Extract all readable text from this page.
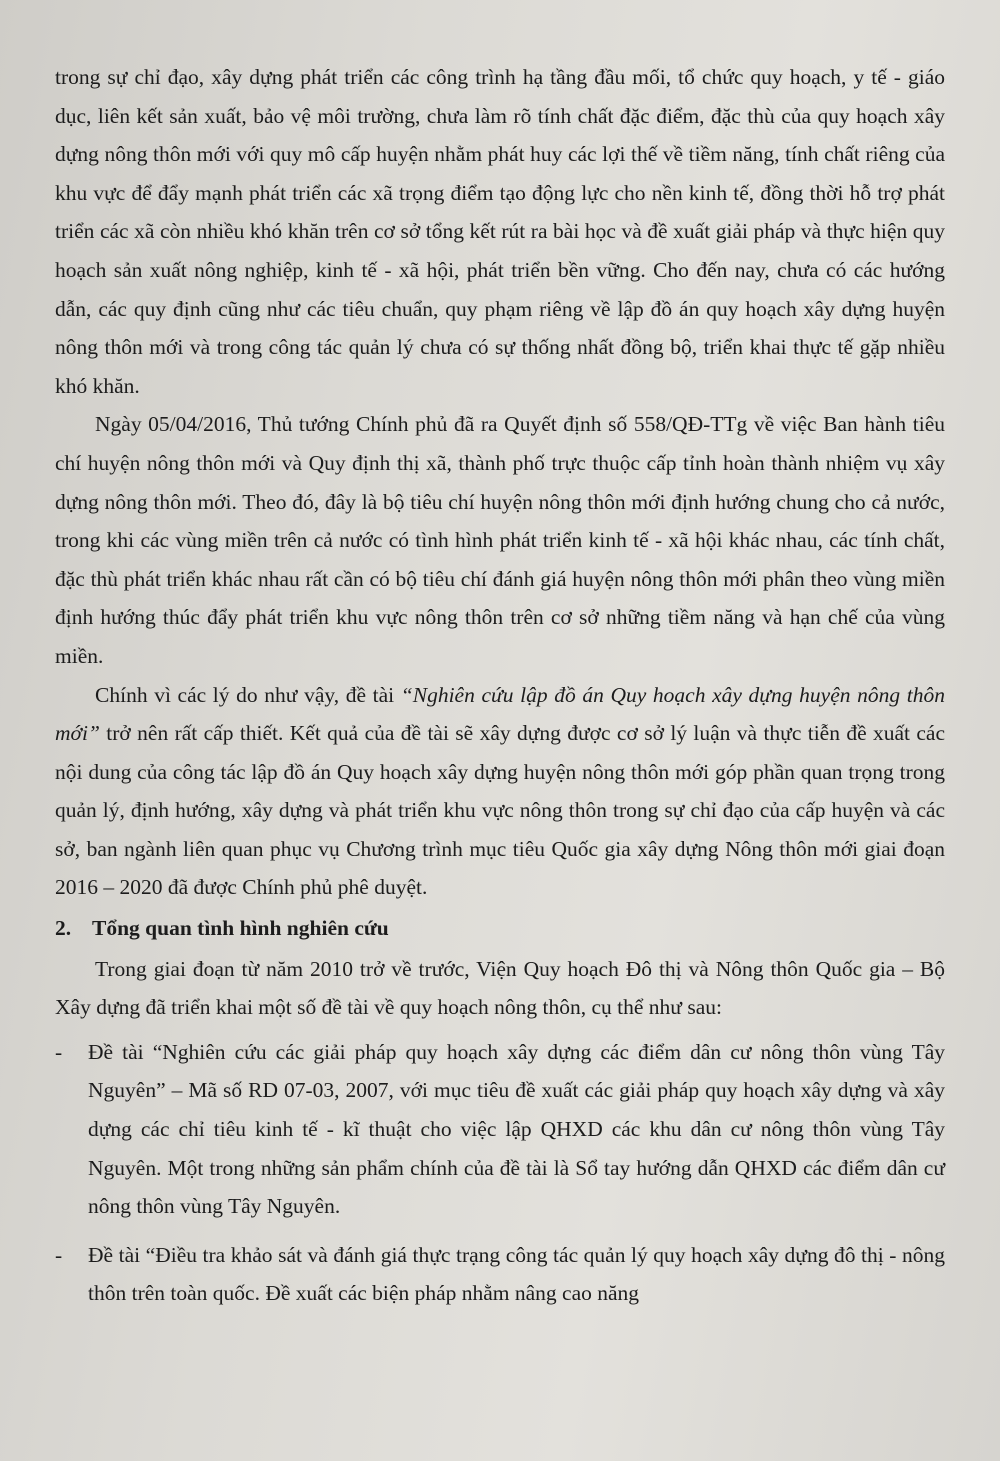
trong sự chỉ đạo, xây dựng phát triển các công trình hạ tầng đầu mối, tổ chức quy hoạch, y tế - giáo dục, liên kết sản xuất, bảo vệ môi trường, chưa làm rõ tính chất đặc điểm, đặc thù của quy hoạch xây dựng nông thôn mới với quy mô cấp huyện nhằm phát huy các lợi thế về tiềm năng, tính chất riêng của khu vực để đẩy mạnh phát triển các xã trọng điểm tạo động lực cho nền kinh tế, đồng thời hỗ trợ phát triển các xã còn nhiều khó khăn trên cơ sở tổng kết rút ra bài học và đề xuất giải pháp và thực hiện quy hoạch sản xuất nông nghiệp, kinh tế - xã hội, phát triển bền vững. Cho đến nay, chưa có các hướng dẫn, các quy định cũng như các tiêu chuẩn, quy phạm riêng về lập đồ án quy hoạch xây dựng huyện nông thôn mới và trong công tác quản lý chưa có sự thống nhất đồng bộ, triển khai thực tế gặp nhiều khó khăn.

Ngày 05/04/2016, Thủ tướng Chính phủ đã ra Quyết định số 558/QĐ-TTg về việc Ban hành tiêu chí huyện nông thôn mới và Quy định thị xã, thành phố trực thuộc cấp tỉnh hoàn thành nhiệm vụ xây dựng nông thôn mới. Theo đó, đây là bộ tiêu chí huyện nông thôn mới định hướng chung cho cả nước, trong khi các vùng miền trên cả nước có tình hình phát triển kinh tế - xã hội khác nhau, các tính chất, đặc thù phát triển khác nhau rất cần có bộ tiêu chí đánh giá huyện nông thôn mới phân theo vùng miền định hướng thúc đẩy phát triển khu vực nông thôn trên cơ sở những tiềm năng và hạn chế của vùng miền.

Chính vì các lý do như vậy, đề tài “Nghiên cứu lập đồ án Quy hoạch xây dựng huyện nông thôn mới” trở nên rất cấp thiết. Kết quả của đề tài sẽ xây dựng được cơ sở lý luận và thực tiễn đề xuất các nội dung của công tác lập đồ án Quy hoạch xây dựng huyện nông thôn mới góp phần quan trọng trong quản lý, định hướng, xây dựng và phát triển khu vực nông thôn trong sự chỉ đạo của cấp huyện và các sở, ban ngành liên quan phục vụ Chương trình mục tiêu Quốc gia xây dựng Nông thôn mới giai đoạn 2016 – 2020 đã được Chính phủ phê duyệt.

2. Tổng quan tình hình nghiên cứu

Trong giai đoạn từ năm 2010 trở về trước, Viện Quy hoạch Đô thị và Nông thôn Quốc gia – Bộ Xây dựng đã triển khai một số đề tài về quy hoạch nông thôn, cụ thể như sau:

- Đề tài “Nghiên cứu các giải pháp quy hoạch xây dựng các điểm dân cư nông thôn vùng Tây Nguyên” – Mã số RD 07-03, 2007, với mục tiêu đề xuất các giải pháp quy hoạch xây dựng và xây dựng các chỉ tiêu kinh tế - kĩ thuật cho việc lập QHXD các khu dân cư nông thôn vùng Tây Nguyên. Một trong những sản phẩm chính của đề tài là Sổ tay hướng dẫn QHXD các điểm dân cư nông thôn vùng Tây Nguyên.
- Đề tài “Điều tra khảo sát và đánh giá thực trạng công tác quản lý quy hoạch xây dựng đô thị - nông thôn trên toàn quốc. Đề xuất các biện pháp nhằm nâng cao năng
